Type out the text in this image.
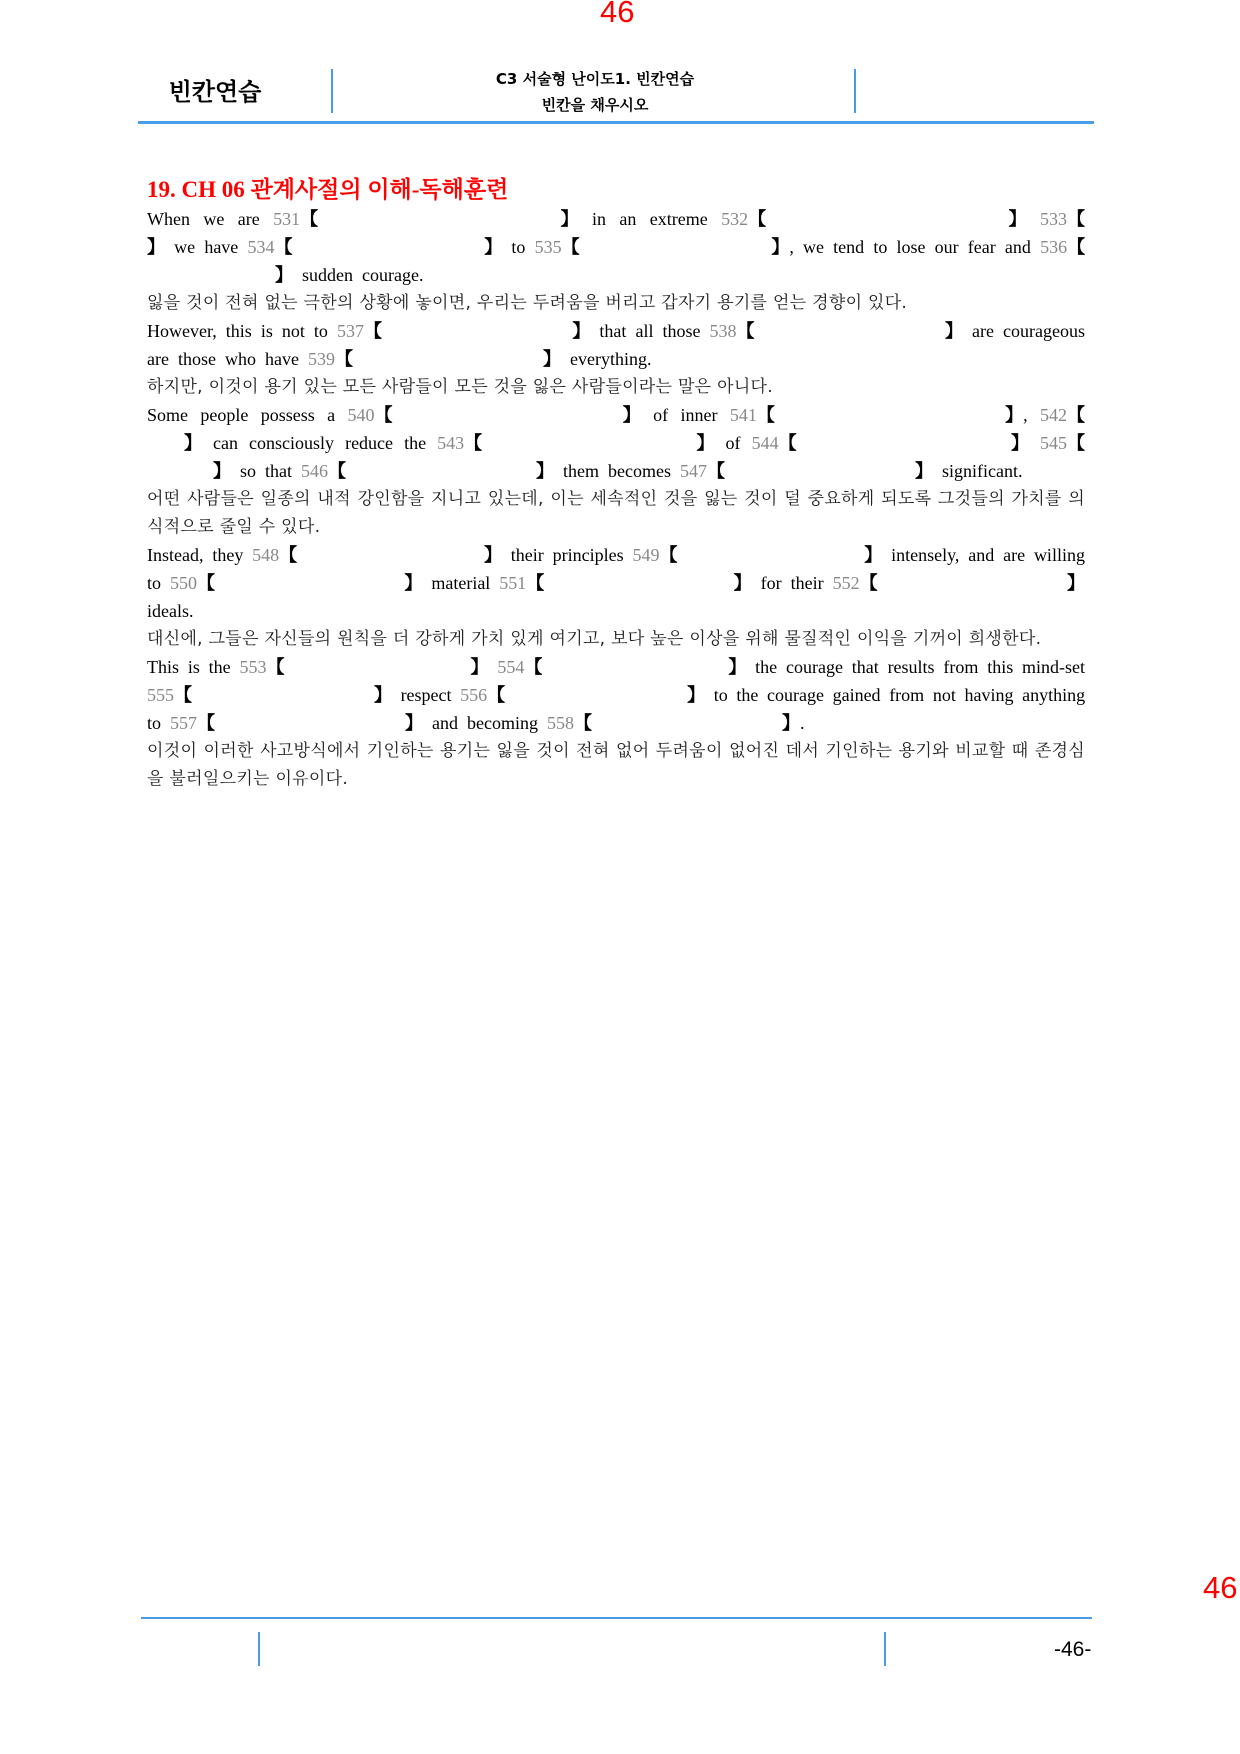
46
빈칸연습	C3 서술형 난이도1. 빈칸연습
빈칸을 채우시오
19. CH 06 관계사절의 이해-독해훈련
When we are 531 【	】 in an extreme 532 【	】 533 【
】 we have 534 【	】 to 535 【	】 , we tend to lose our fear and 536 【
】 sudden courage.
잃을 것이 전혀 없는 극한의 상황에 놓이면, 우리는 두려움을 버리고 갑자기 용기를 얻는 경향이 있다.
However, this is not to 537 【	】 that all those 538 【	】 are courageous
are those who have 539 【	】 everything.
하지만, 이것이 용기 있는 모든 사람들이 모든 것을 잃은 사람들이라는 말은 아니다.
Some people possess a 540 【	】 of inner 541 【	】 , 542 【
】 can consciously reduce the 543 【	】 of 544 【	】 545 【
】 so that 546 【	】 them becomes 547 【	】 significant.
어떤 사람들은 일종의 내적 강인함을 지니고 있는데, 이는 세속적인 것을 잃는 것이 덜 중요하게 되도록 그것들의 가치를 의식적으로 줄일 수 있다.
Instead, they 548 【	】 their principles 549 【	】 intensely, and are willing
to 550 【	】 material 551 【	】 for their 552 【	】
ideals.
대신에, 그들은 자신들의 원칙을 더 강하게 가치 있게 여기고, 보다 높은 이상을 위해 물질적인 이익을 기꺼이 희생한다.
This is the 553 【	】 554 【	】 the courage that results from this mind-set
555 【	】 respect 556 【	】 to the courage gained from not having anything
to 557 【	】 and becoming 558 【	】 .
이것이 이러한 사고방식에서 기인하는 용기는 잃을 것이 전혀 없어 두려움이 없어진 데서 기인하는 용기와 비교할 때 존경심을 불러일으키는 이유이다.
-46-
46
